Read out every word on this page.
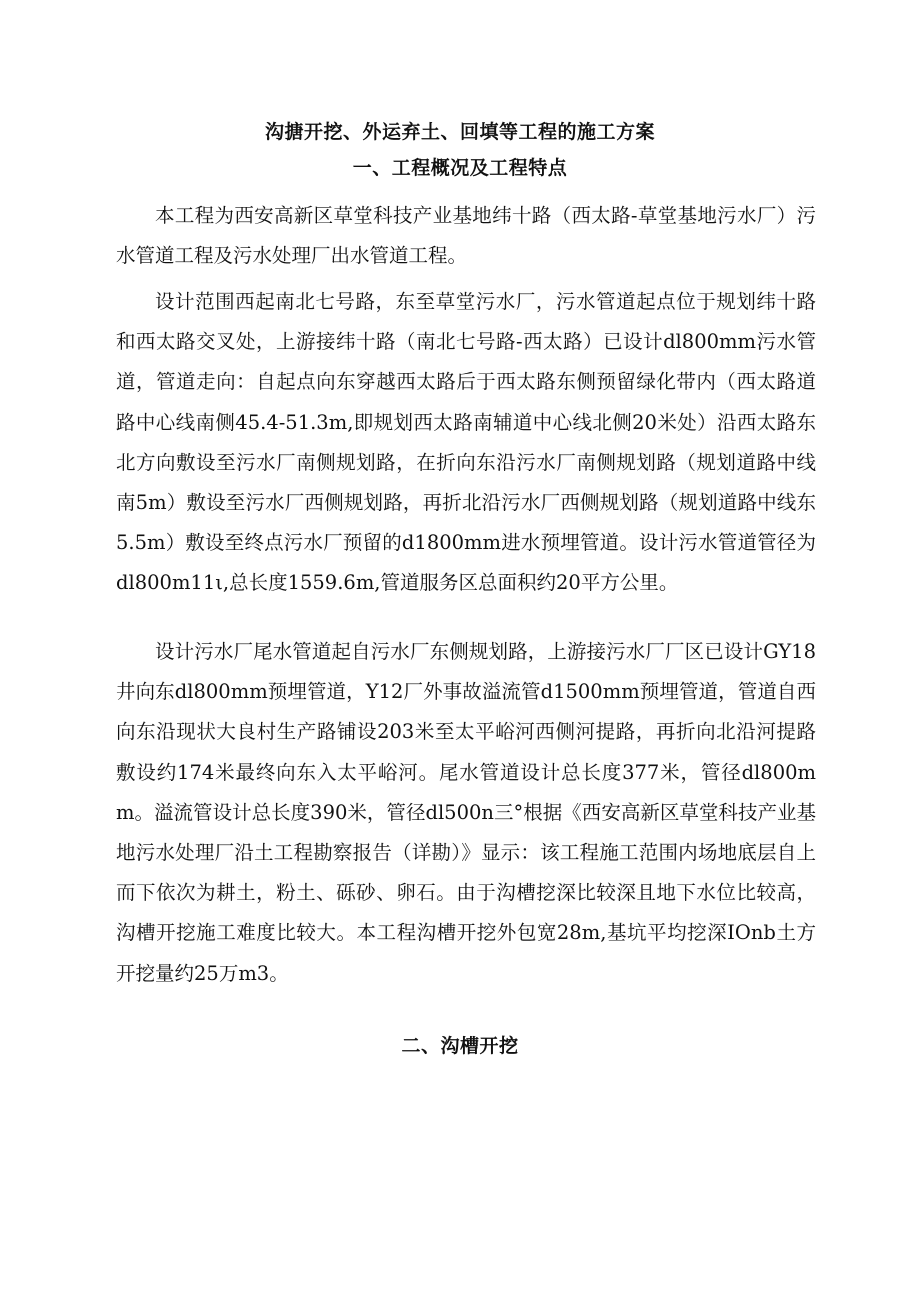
沟搪开挖、外运弃土、回填等工程的施工方案
一、工程概况及工程特点

本工程为西安高新区草堂科技产业基地纬十路（西太路-草堂基地污水厂）污水管道工程及污水处理厂出水管道工程。

设计范围西起南北七号路，东至草堂污水厂，污水管道起点位于规划纬十路和西太路交叉处，上游接纬十路（南北七号路-西太路）已设计dl800mm污水管道，管道走向：自起点向东穿越西太路后于西太路东侧预留绿化带内（西太路道路中心线南侧45.4-51.3m,即规划西太路南辅道中心线北侧20米处）沿西太路东北方向敷设至污水厂南侧规划路，在折向东沿污水厂南侧规划路（规划道路中线南5m）敷设至污水厂西侧规划路，再折北沿污水厂西侧规划路（规划道路中线东5.5m）敷设至终点污水厂预留的d1800mm进水预埋管道。设计污水管道管径为dl800m11ι,总长度1559.6m,管道服务区总面积约20平方公里。

设计污水厂尾水管道起自污水厂东侧规划路，上游接污水厂厂区已设计GY18井向东dl800mm预埋管道，Y12厂外事故溢流管d1500mm预埋管道，管道自西向东沿现状大良村生产路铺设203米至太平峪河西侧河提路，再折向北沿河提路敷设约174米最终向东入太平峪河。尾水管道设计总长度377米，管径dl800mm。溢流管设计总长度390米，管径dl500n三°根据《西安高新区草堂科技产业基地污水处理厂沿土工程勘察报告（详勘）》显示：该工程施工范围内场地底层自上而下依次为耕土，粉土、砾砂、卵石。由于沟槽挖深比较深且地下水位比较高，沟槽开挖施工难度比较大。本工程沟槽开挖外包宽28m,基坑平均挖深IOnb土方开挖量约25万m3。

二、沟槽开挖
